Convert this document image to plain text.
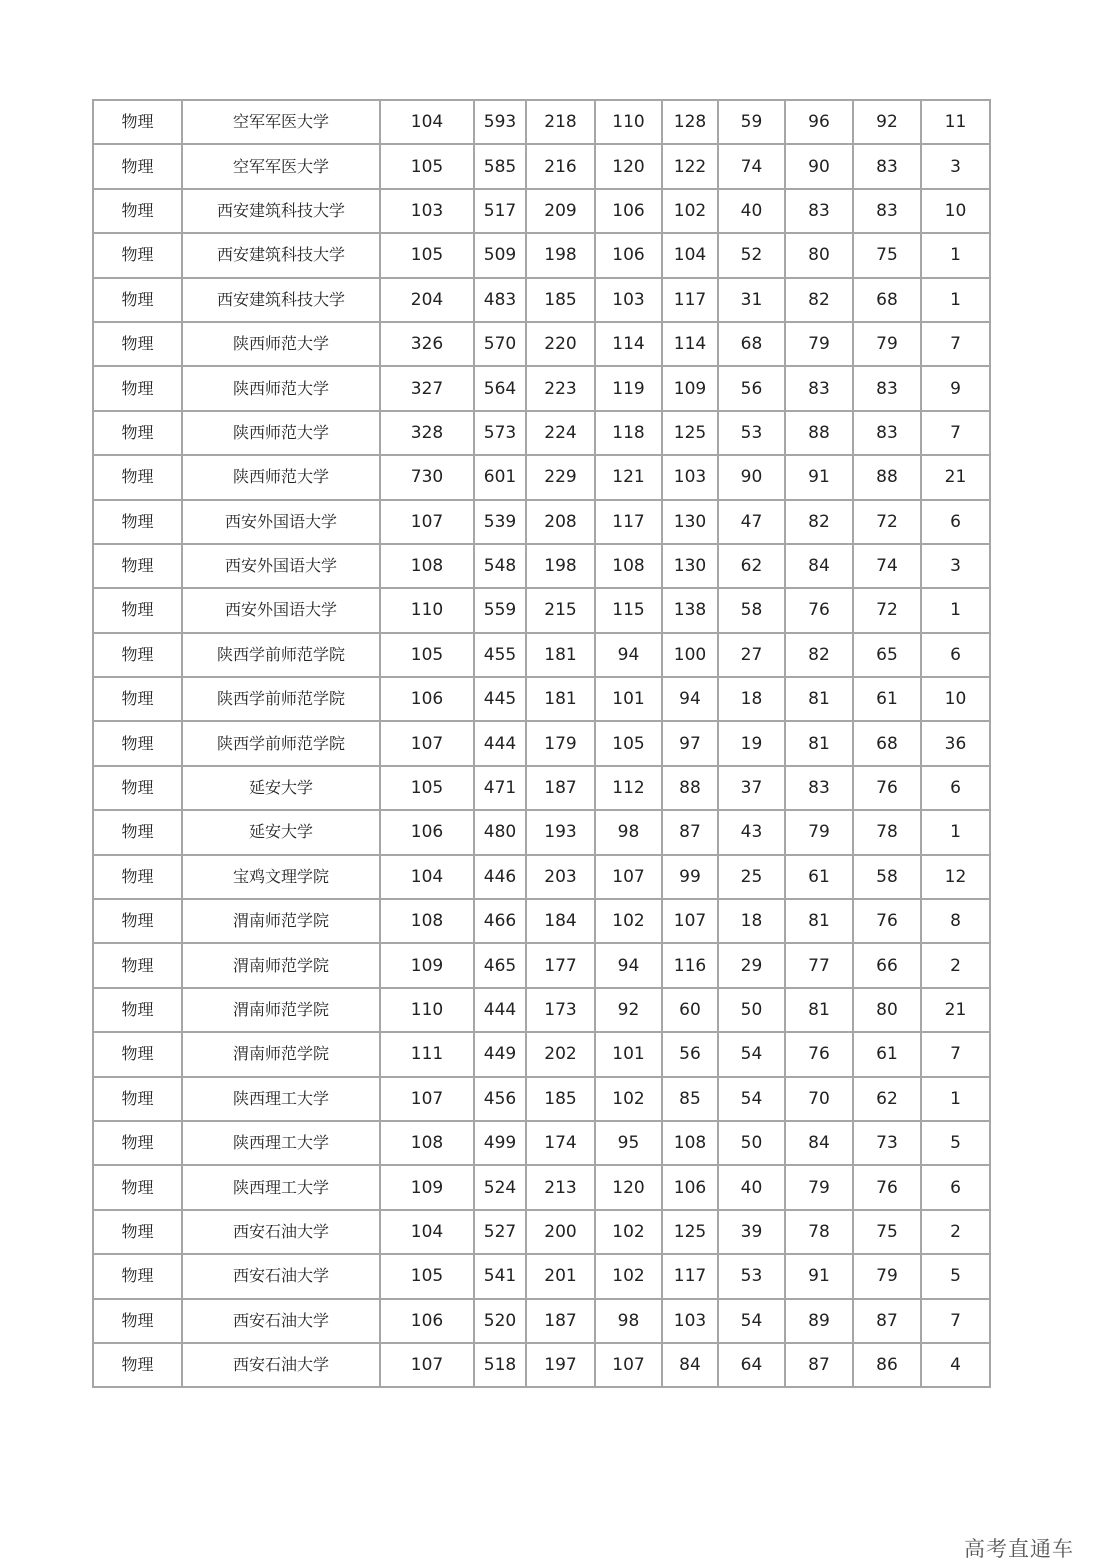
物理	空军军医大学	104	593	218	110	128	59	96	92	11
物理	空军军医大学	105	585	216	120	122	74	90	83	3
物理	西安建筑科技大学	103	517	209	106	102	40	83	83	10
物理	西安建筑科技大学	105	509	198	106	104	52	80	75	1
物理	西安建筑科技大学	204	483	185	103	117	31	82	68	1
物理	陕西师范大学	326	570	220	114	114	68	79	79	7
物理	陕西师范大学	327	564	223	119	109	56	83	83	9
物理	陕西师范大学	328	573	224	118	125	53	88	83	7
物理	陕西师范大学	730	601	229	121	103	90	91	88	21
物理	西安外国语大学	107	539	208	117	130	47	82	72	6
物理	西安外国语大学	108	548	198	108	130	62	84	74	3
物理	西安外国语大学	110	559	215	115	138	58	76	72	1
物理	陕西学前师范学院	105	455	181	94	100	27	82	65	6
物理	陕西学前师范学院	106	445	181	101	94	18	81	61	10
物理	陕西学前师范学院	107	444	179	105	97	19	81	68	36
物理	延安大学	105	471	187	112	88	37	83	76	6
物理	延安大学	106	480	193	98	87	43	79	78	1
物理	宝鸡文理学院	104	446	203	107	99	25	61	58	12
物理	渭南师范学院	108	466	184	102	107	18	81	76	8
物理	渭南师范学院	109	465	177	94	116	29	77	66	2
物理	渭南师范学院	110	444	173	92	60	50	81	80	21
物理	渭南师范学院	111	449	202	101	56	54	76	61	7
物理	陕西理工大学	107	456	185	102	85	54	70	62	1
物理	陕西理工大学	108	499	174	95	108	50	84	73	5
物理	陕西理工大学	109	524	213	120	106	40	79	76	6
物理	西安石油大学	104	527	200	102	125	39	78	75	2
物理	西安石油大学	105	541	201	102	117	53	91	79	5
物理	西安石油大学	106	520	187	98	103	54	89	87	7
物理	西安石油大学	107	518	197	107	84	64	87	86	4
高考直通车
